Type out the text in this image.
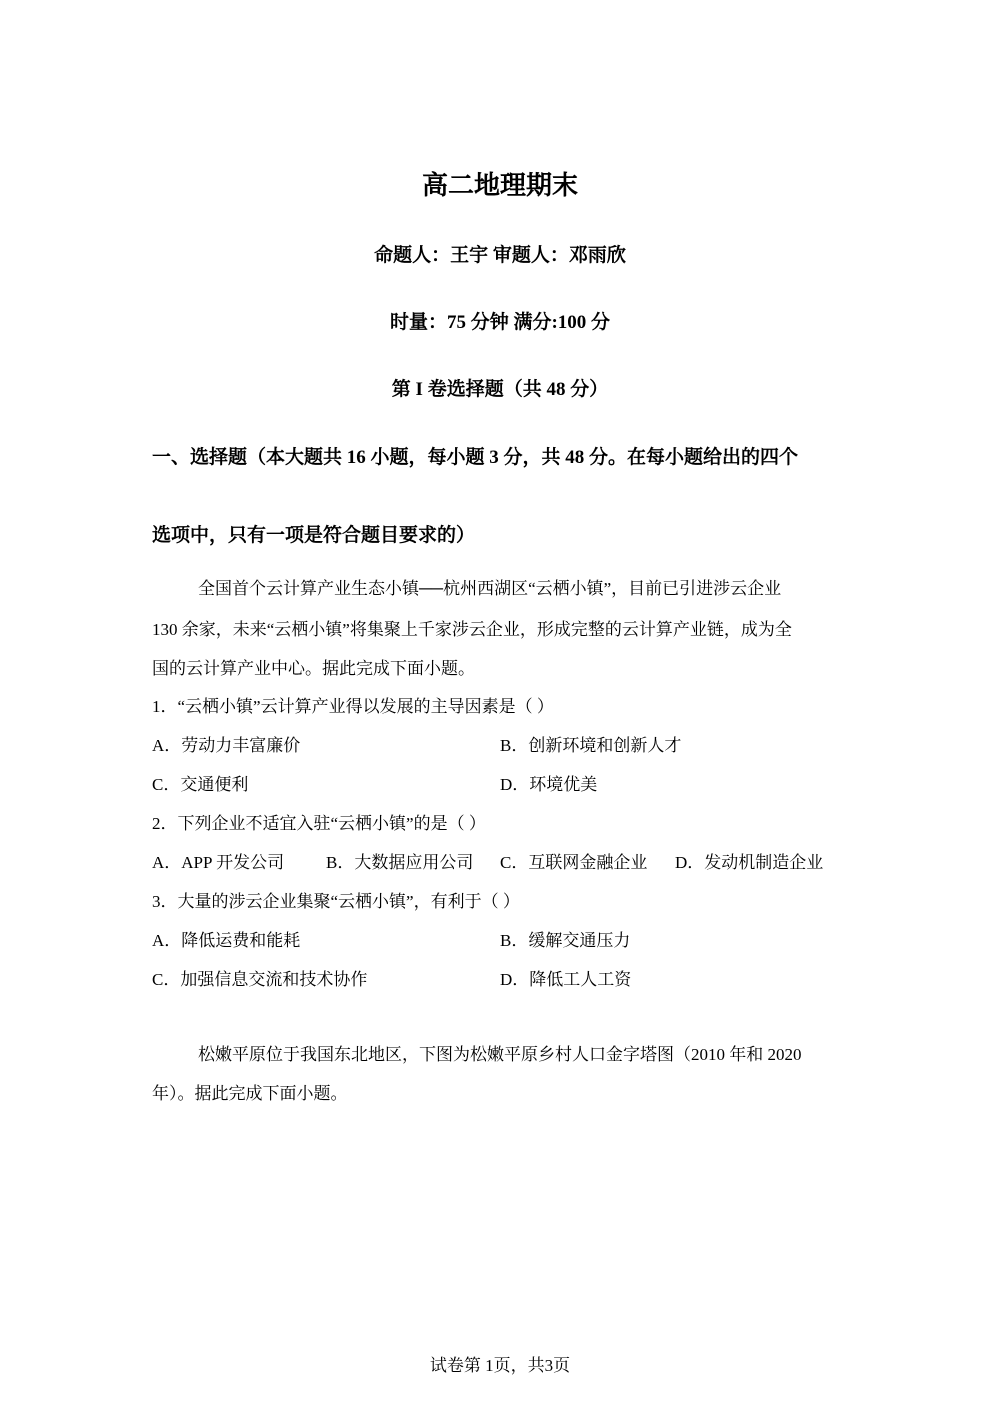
高二地理期末
命题人：王宇 审题人：邓雨欣
时量：75 分钟 满分:100 分
第 I 卷选择题（共 48 分）
一、选择题（本大题共 16 小题，每小题 3 分，共 48 分。在每小题给出的四个
选项中，只有一项是符合题目要求的）
全国首个云计算产业生态小镇──杭州西湖区“云栖小镇”，目前已引进涉云企业
130 余家，未来“云栖小镇”将集聚上千家涉云企业，形成完整的云计算产业链，成为全
国的云计算产业中心。据此完成下面小题。
1．“云栖小镇”云计算产业得以发展的主导因素是（ ）
A．劳动力丰富廉价	B．创新环境和创新人才
C．交通便利	D．环境优美
2．下列企业不适宜入驻“云栖小镇”的是（ ）
A．APP 开发公司 B．大数据应用公司 C．互联网金融企业 D．发动机制造企业
3．大量的涉云企业集聚“云栖小镇”，有利于（ ）
A．降低运费和能耗	B．缓解交通压力
C．加强信息交流和技术协作	D．降低工人工资
松嫩平原位于我国东北地区，下图为松嫩平原乡村人口金字塔图（2010 年和 2020
年）。据此完成下面小题。
试卷第 1页，共3页
